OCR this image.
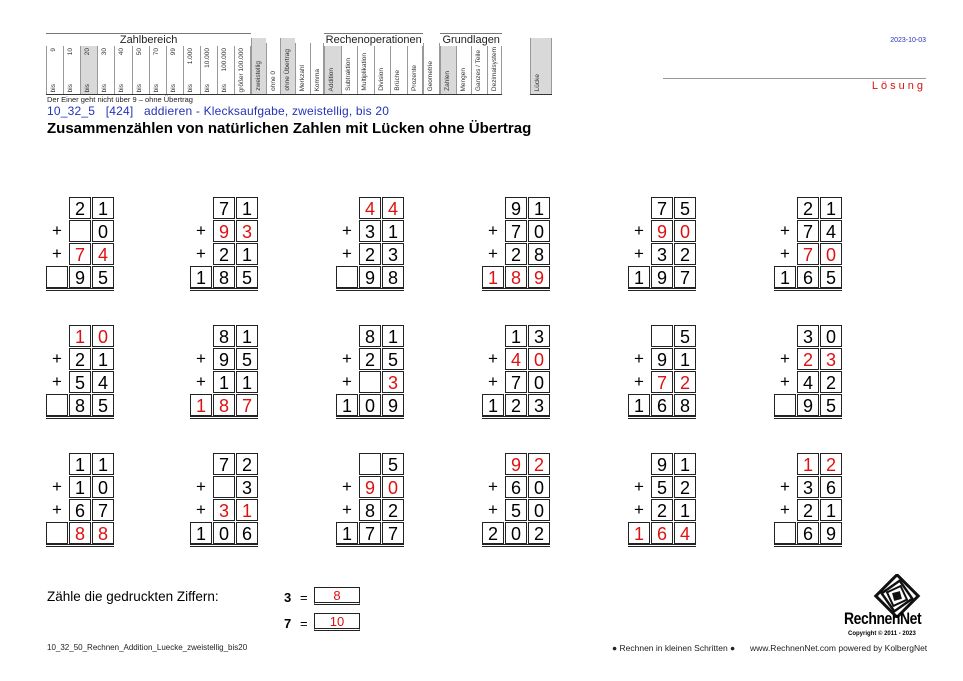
Zahlbereich
9
bis
10
bis
20
bis
30
bis
40
bis
50
bis
70
bis
99
bis
1.000
bis
10.000
bis
100.000
bis größer 100.000 zweistellig ohne 0 ohne Übertrag Merkzahl Komma
Rechenoperationen
Addition Subtraktion Multiplikation Division Brüche Prozente Geometrie
Grundlagen
Zahlen Mengen Ganzes / Teile Dezimalsystem	Lücke
Der Einer geht nicht über 9 – ohne Übertrag
10_32_5   [424]   addieren - Klecksaufgabe, zweistellig, bis 20
Zusammenzählen von natürlichen Zahlen mit Lücken ohne Übertrag
2023-10-03
Lösung
2 1
+	0
+ 7 4
9 5
7 1
+ 9 3
+ 2 1
1 8 5
4 4
+ 3 1
+ 2 3
9 8
9 1
+ 7 0
+ 2 8
1 8 9
7 5
+ 9 0
+ 3 2
1 9 7
2 1
+ 7 4
+ 7 0
1 6 5
1 0
+ 2 1
+ 5 4
8 5
8 1
+ 9 5
+ 1 1
1 8 7
8 1
+ 2 5
+	3
1 0 9
1 3
+ 4 0
+ 7 0
1 2 3
5
+ 9 1
+ 7 2
1 6 8
3 0
+ 2 3
+ 4 2
9 5
1 1
+ 1 0
+ 6 7
8 8
7 2
+	3
+ 3 1
1 0 6
5
+ 9 0
+ 8 2
1 7 7
9 2
+ 6 0
+ 5 0
2 0 2
9 1
+ 5 2
+ 2 1
1 6 4
1 2
+ 3 6
+ 2 1
6 9
Zähle die gedruckten Ziffern:	3 =	8
7 =	10
10_32_50_Rechnen_Addition_Luecke_zweistellig_bis20	● Rechnen in kleinen Schritten ● www.RechnenNet.com powered by KolbergNet
RechnenNet
Copyright © 2011 - 2023
